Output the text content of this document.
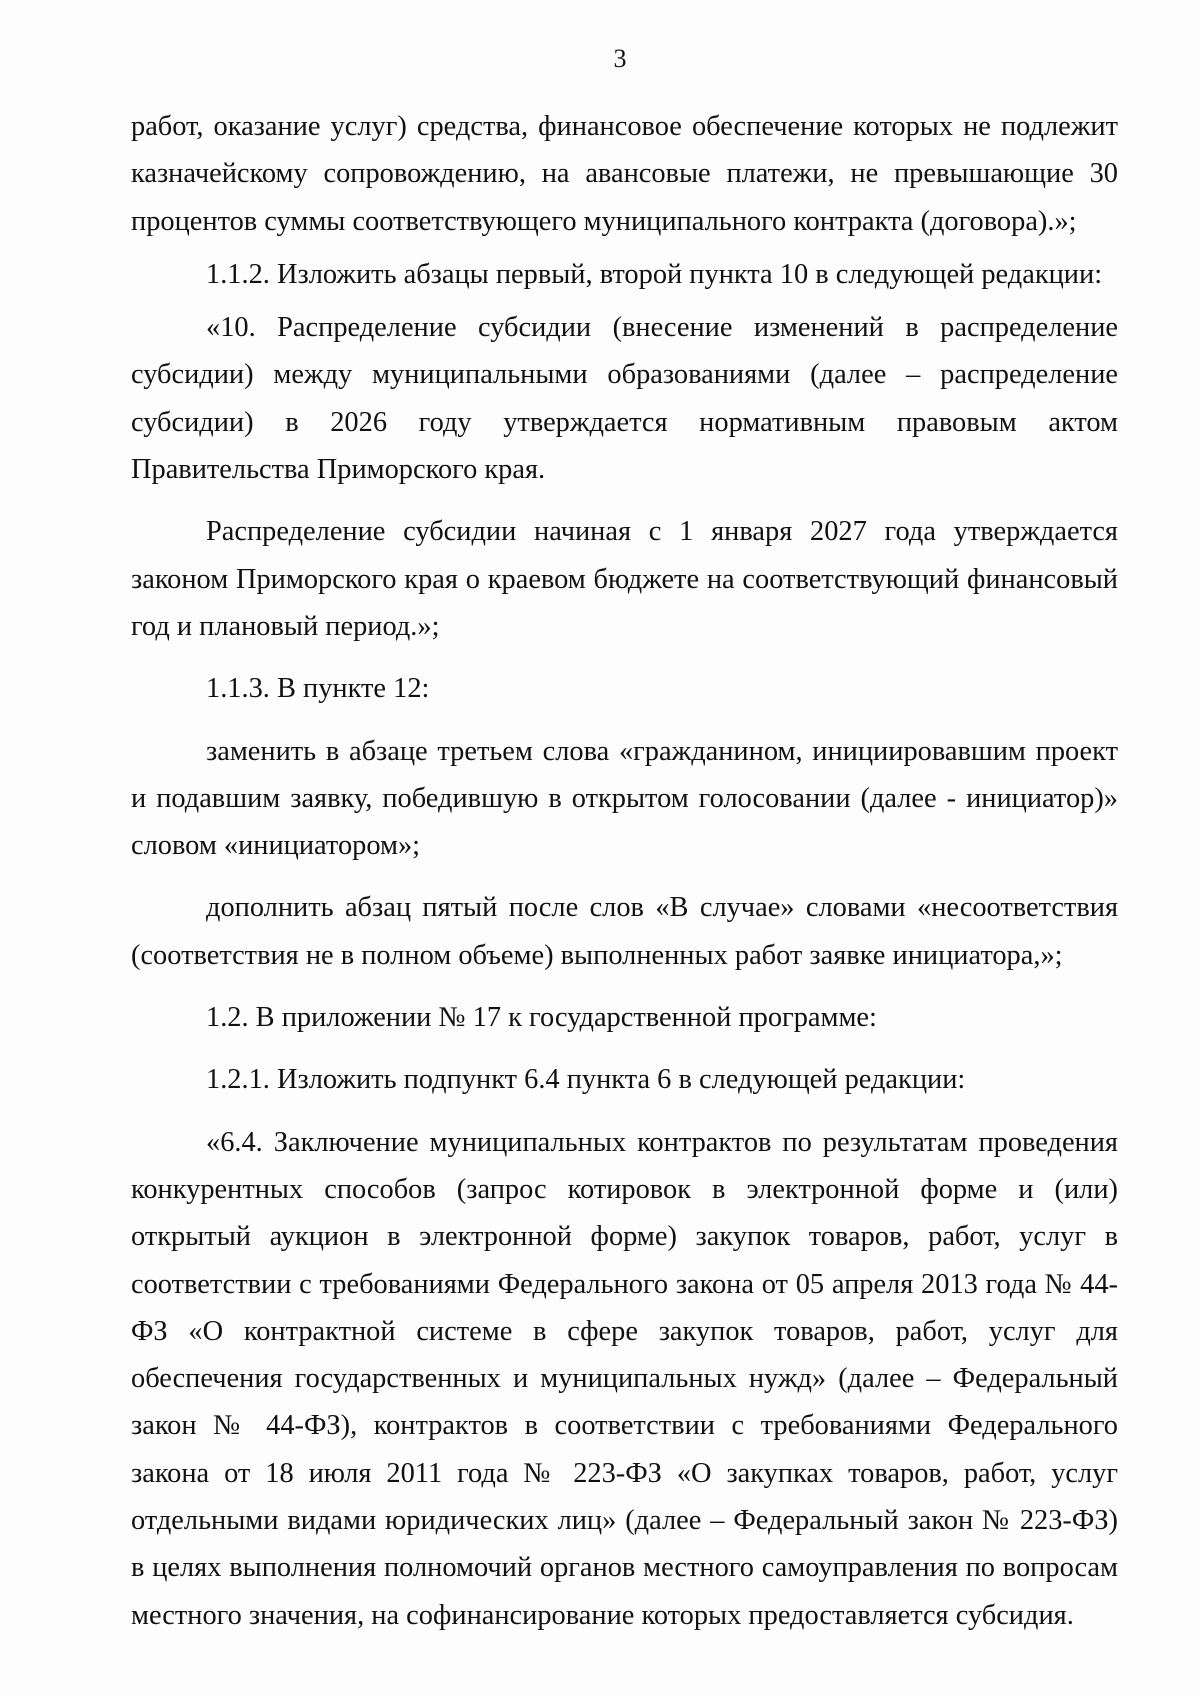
3

работ, оказание услуг) средства, финансовое обеспечение которых не подлежит казначейскому сопровождению, на авансовые платежи, не превышающие 30 процентов суммы соответствующего муниципального контракта (договора).»;

1.1.2. Изложить абзацы первый, второй пункта 10 в следующей редакции:

«10. Распределение субсидии (внесение изменений в распределение субсидии) между муниципальными образованиями (далее – распределение субсидии) в 2026 году утверждается нормативным правовым актом Правительства Приморского края.

Распределение субсидии начиная с 1 января 2027 года утверждается законом Приморского края о краевом бюджете на соответствующий финансовый год и плановый период.»;

1.1.3. В пункте 12:

заменить в абзаце третьем слова «гражданином, инициировавшим проект и подавшим заявку, победившую в открытом голосовании (далее - инициатор)» словом «инициатором»;

дополнить абзац пятый после слов «В случае» словами «несоответствия (соответствия не в полном объеме) выполненных работ заявке инициатора,»;

1.2. В приложении № 17 к государственной программе:

1.2.1. Изложить подпункт 6.4 пункта 6 в следующей редакции:

«6.4. Заключение муниципальных контрактов по результатам проведения конкурентных способов (запрос котировок в электронной форме и (или) открытый аукцион в электронной форме) закупок товаров, работ, услуг в соответствии с требованиями Федерального закона от 05 апреля 2013 года № 44-ФЗ «О контрактной системе в сфере закупок товаров, работ, услуг для обеспечения государственных и муниципальных нужд» (далее – Федеральный закон № 44-ФЗ), контрактов в соответствии с требованиями Федерального закона от 18 июля 2011 года № 223-ФЗ «О закупках товаров, работ, услуг отдельными видами юридических лиц» (далее – Федеральный закон № 223-ФЗ) в целях выполнения полномочий органов местного самоуправления по вопросам местного значения, на софинансирование которых предоставляется субсидия.
